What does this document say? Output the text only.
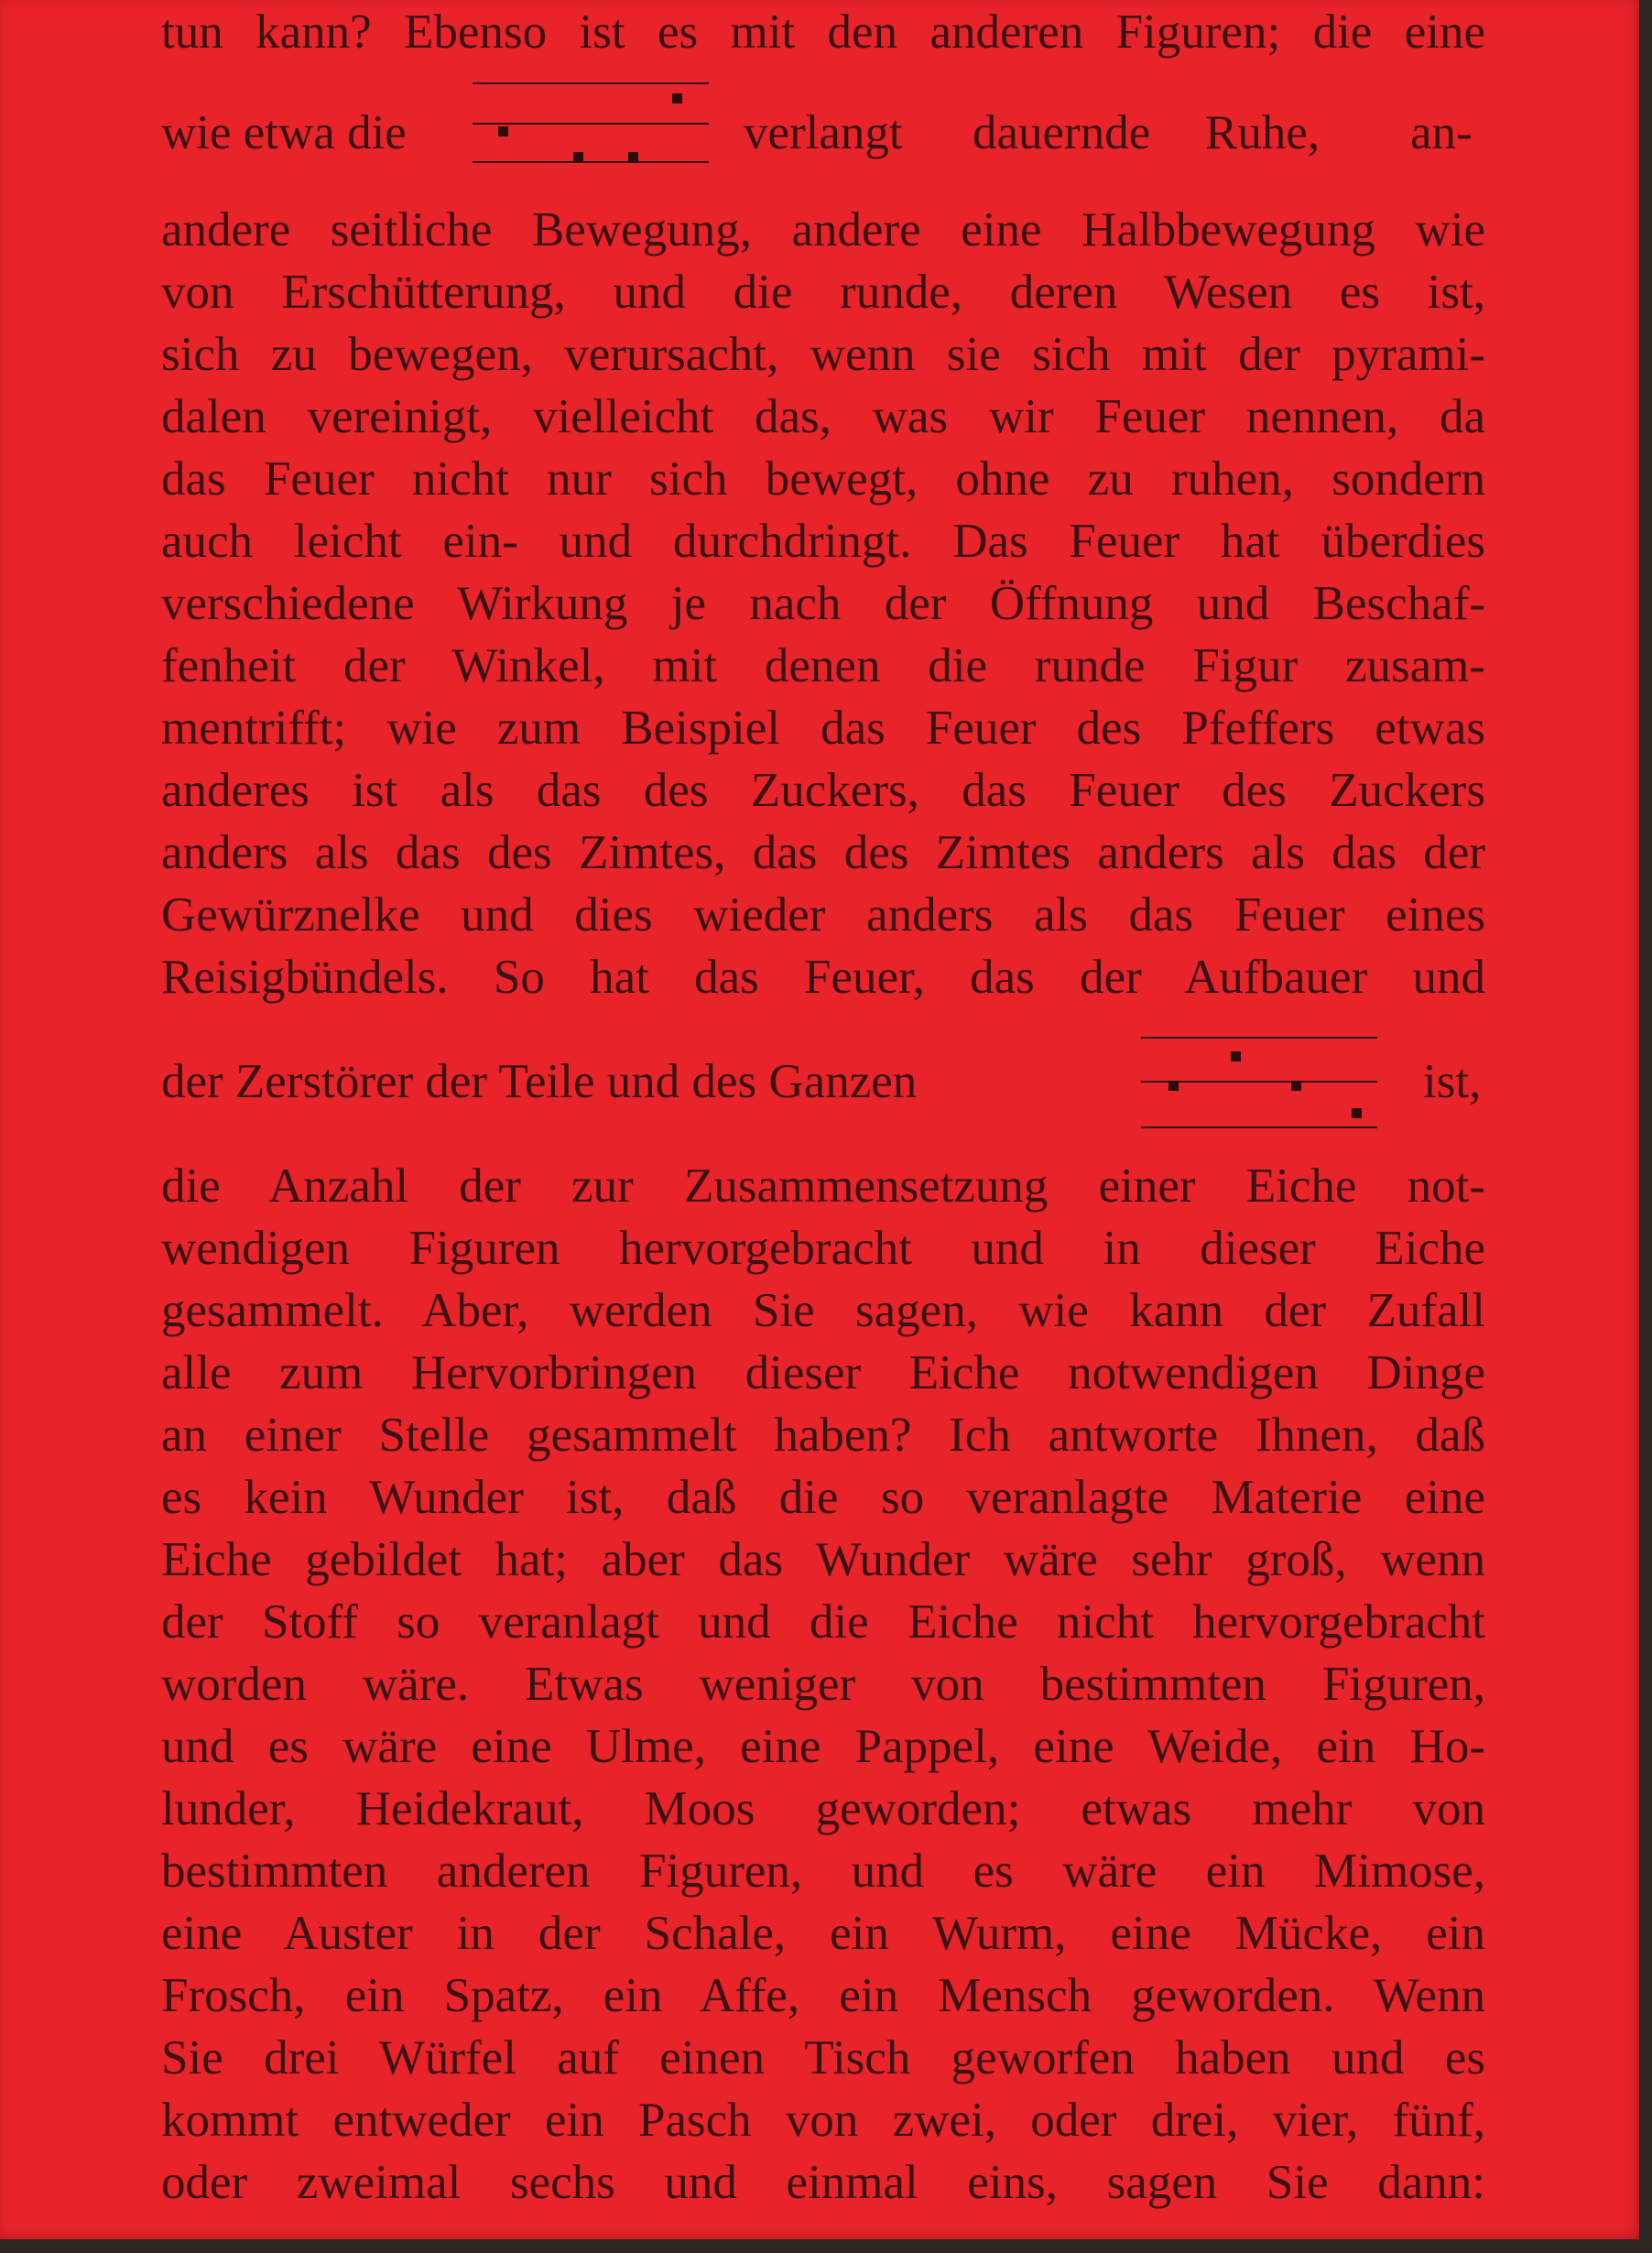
tun kann? Ebenso ist es mit den anderen Figuren; die eine
wie etwa die	verlangt dauernde Ruhe, an-
andere seitliche Bewegung, andere eine Halbbewegung wie
von Erschütterung, und die runde, deren Wesen es ist,
sich zu bewegen, verursacht, wenn sie sich mit der pyrami-
dalen vereinigt, vielleicht das, was wir Feuer nennen, da
das Feuer nicht nur sich bewegt, ohne zu ruhen, sondern
auch leicht ein- und durchdringt. Das Feuer hat überdies
verschiedene Wirkung je nach der Öffnung und Beschaf-
fenheit der Winkel, mit denen die runde Figur zusam-
mentrifft; wie zum Beispiel das Feuer des Pfeffers etwas
anderes ist als das des Zuckers, das Feuer des Zuckers
anders als das des Zimtes, das des Zimtes anders als das der
Gewürznelke und dies wieder anders als das Feuer eines
Reisigbündels. So hat das Feuer, das der Aufbauer und
der Zerstörer der Teile und des Ganzen	ist,
die Anzahl der zur Zusammensetzung einer Eiche not-
wendigen Figuren hervorgebracht und in dieser Eiche
gesammelt. Aber, werden Sie sagen, wie kann der Zufall
alle zum Hervorbringen dieser Eiche notwendigen Dinge
an einer Stelle gesammelt haben? Ich antworte Ihnen, daß
es kein Wunder ist, daß die so veranlagte Materie eine
Eiche gebildet hat; aber das Wunder wäre sehr groß, wenn
der Stoff so veranlagt und die Eiche nicht hervorgebracht
worden wäre. Etwas weniger von bestimmten Figuren,
und es wäre eine Ulme, eine Pappel, eine Weide, ein Ho-
lunder, Heidekraut, Moos geworden; etwas mehr von
bestimmten anderen Figuren, und es wäre ein Mimose,
eine Auster in der Schale, ein Wurm, eine Mücke, ein
Frosch, ein Spatz, ein Affe, ein Mensch geworden. Wenn
Sie drei Würfel auf einen Tisch geworfen haben und es
kommt entweder ein Pasch von zwei, oder drei, vier, fünf,
oder zweimal sechs und einmal eins, sagen Sie dann:
